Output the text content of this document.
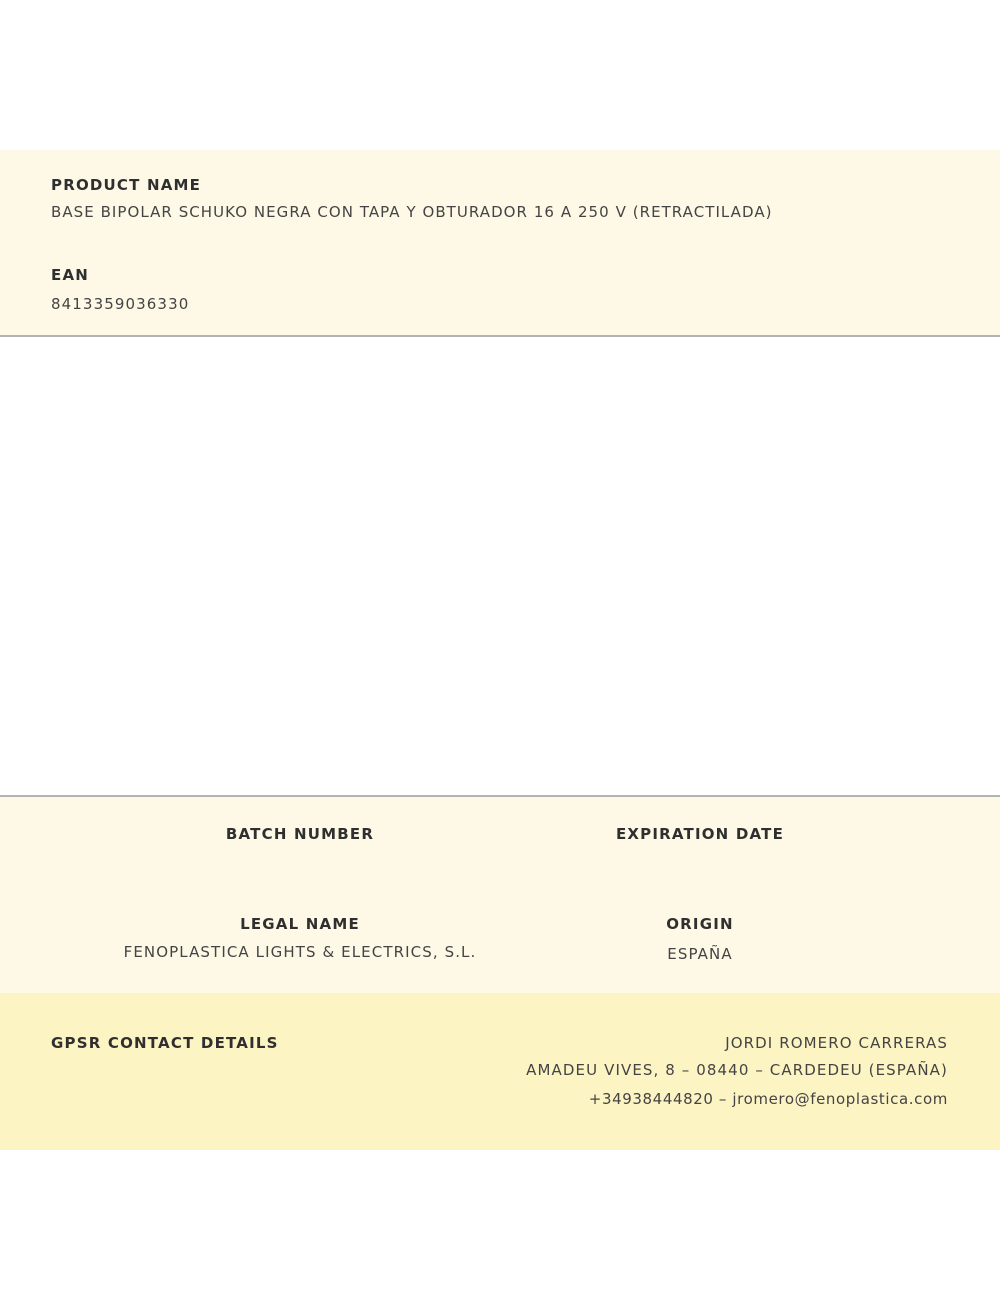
PRODUCT NAME
BASE BIPOLAR SCHUKO NEGRA CON TAPA Y OBTURADOR 16 A 250 V (RETRACTILADA)
EAN
8413359036330
BATCH NUMBER	EXPIRATION DATE
LEGAL NAME
FENOPLASTICA LIGHTS & ELECTRICS, S.L.
ORIGIN
ESPAÑA
GPSR CONTACT DETAILS	JORDI ROMERO CARRERAS
AMADEU VIVES, 8 – 08440 – CARDEDEU (ESPAÑA)
+34938444820 – jromero@fenoplastica.com
